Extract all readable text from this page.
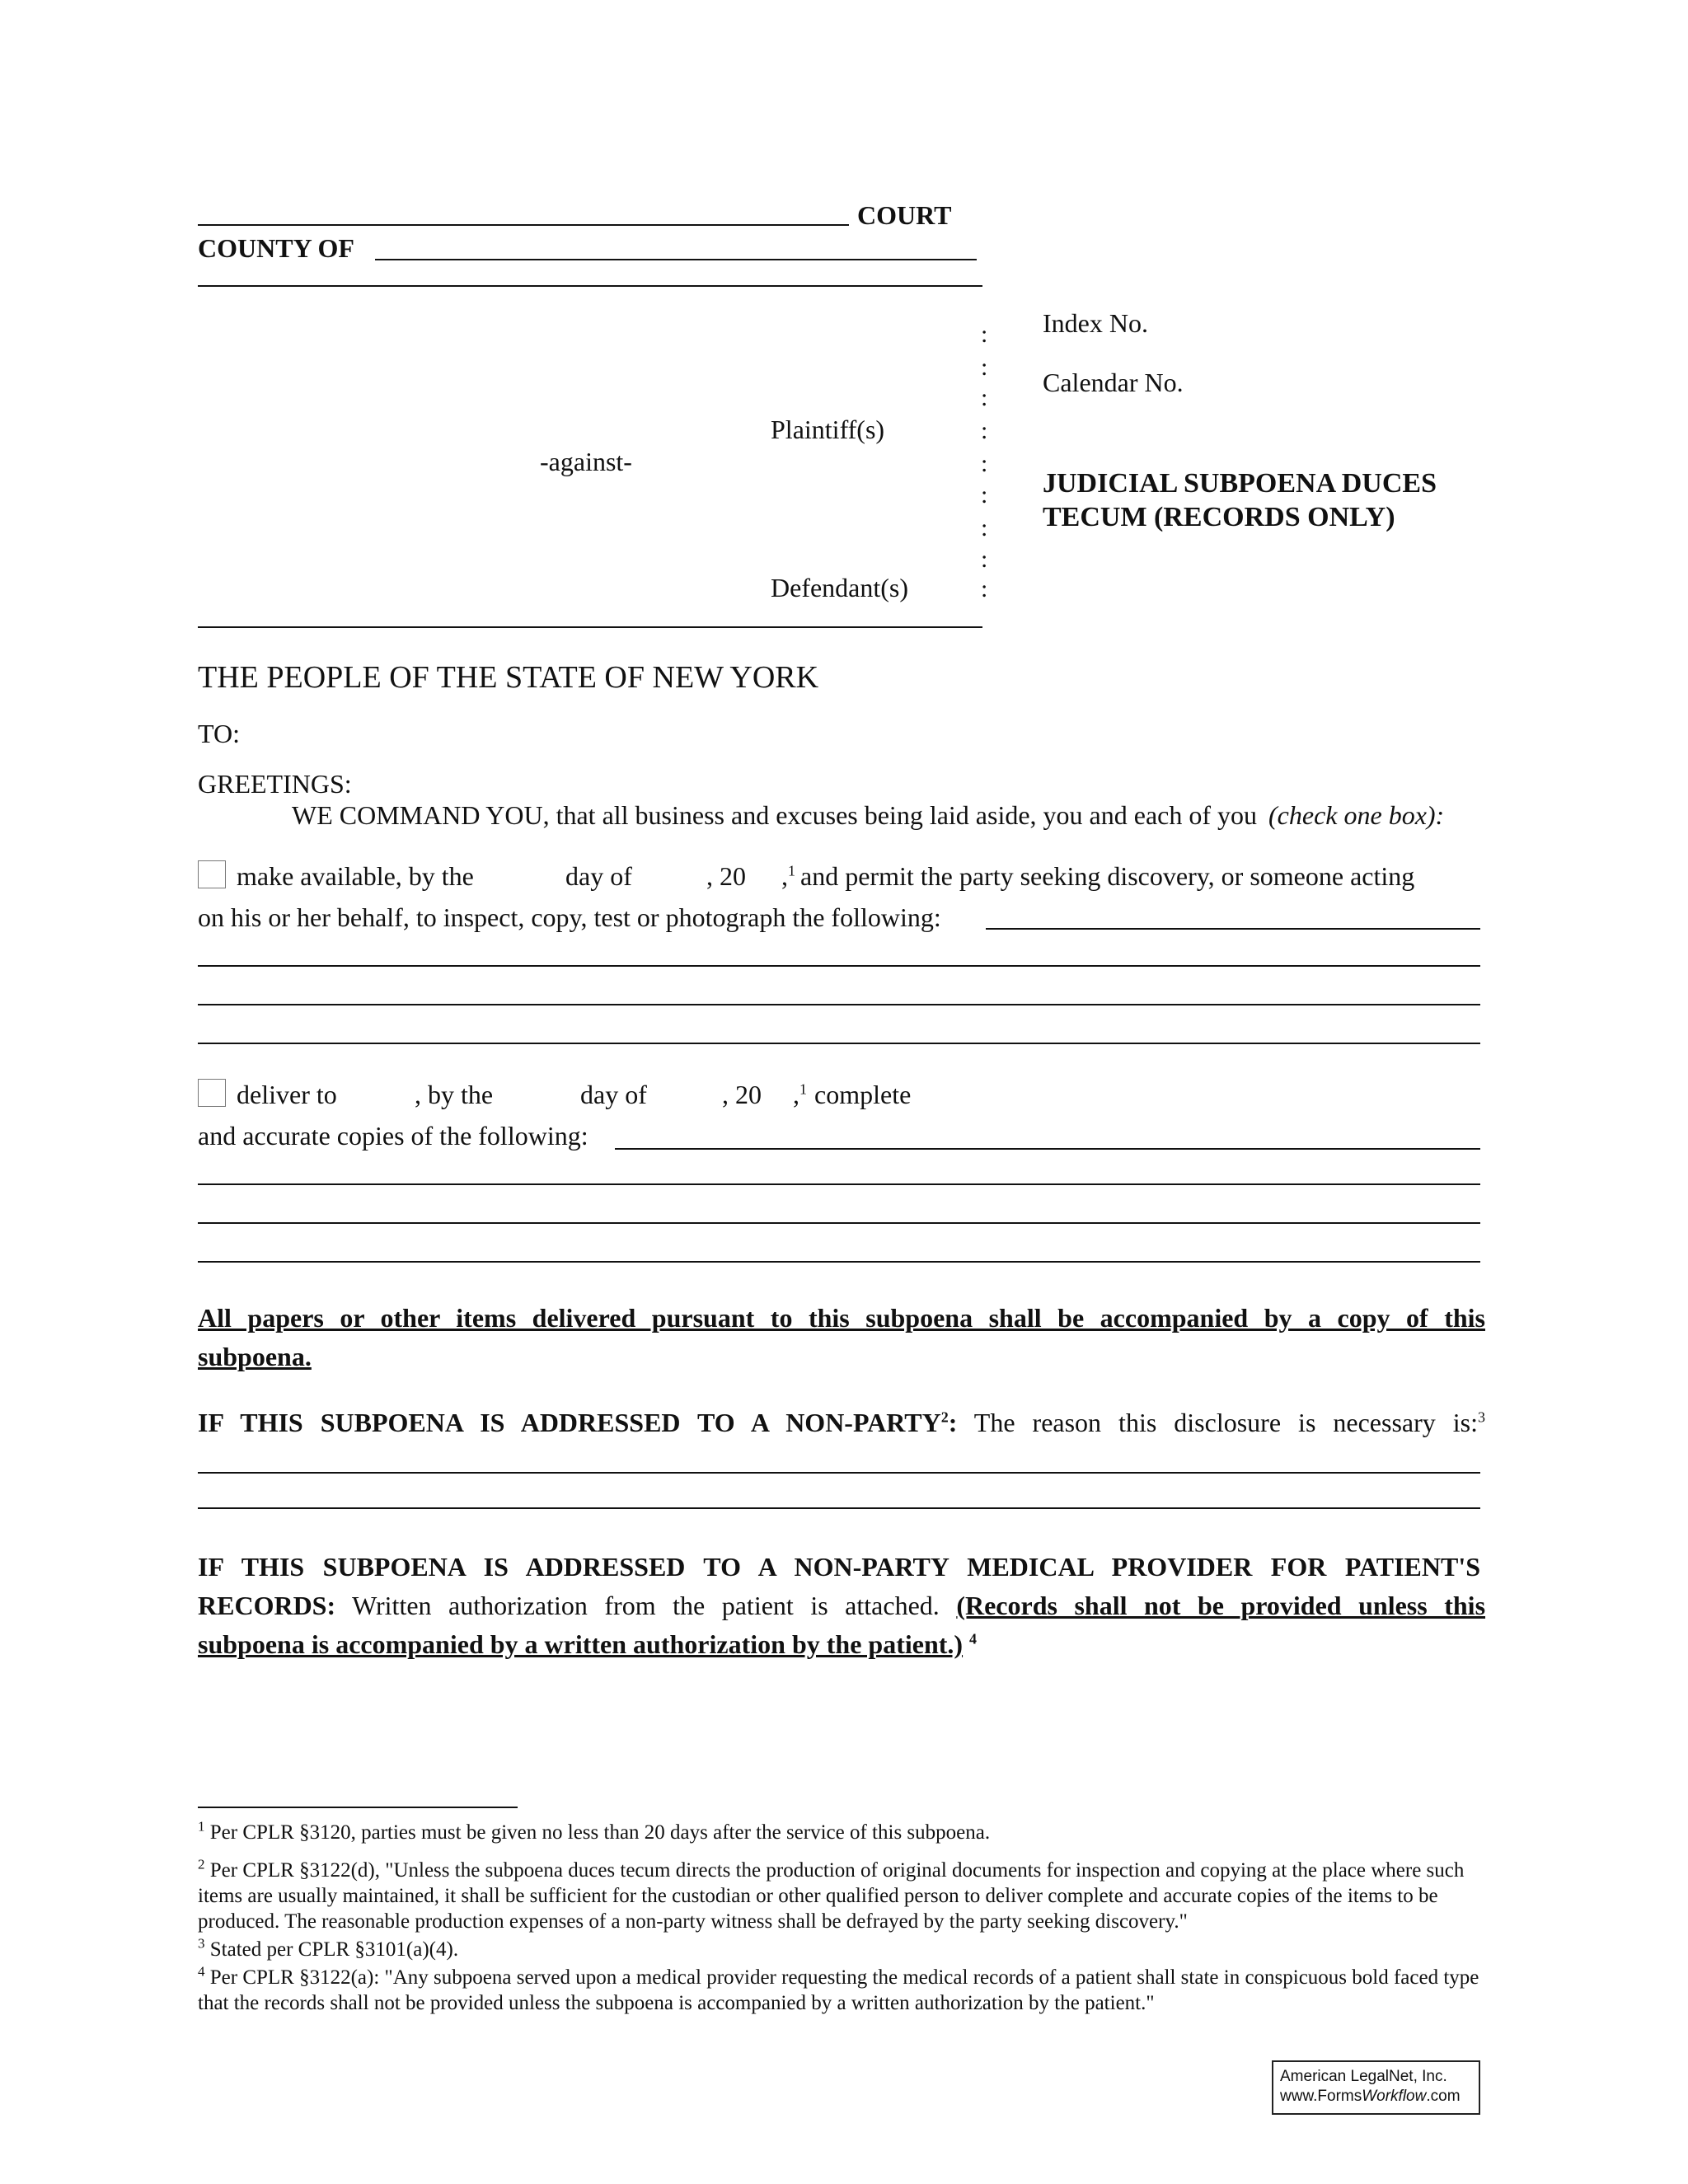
COURT
COUNTY OF
Plaintiff(s)
-against-
Defendant(s)
:
:
:
:
:
:
:
:
:
Index No.
Calendar No.
JUDICIAL SUBPOENA DUCES
TECUM (RECORDS ONLY)
THE PEOPLE OF THE STATE OF NEW YORK
TO:
GREETINGS:
WE COMMAND YOU, that all business and excuses being laid aside, you and each of you (check one box):
make available, by the	day of	, 20 ,$^1$ and permit the party seeking discovery, or someone acting
on his or her behalf, to inspect, copy, test or photograph the following:
deliver to	, by the	day of	, 20 ,$^1$ complete
and accurate copies of the following:
All papers or other items delivered pursuant to this subpoena shall be accompanied by a copy of this
subpoena.
IF THIS SUBPOENA IS ADDRESSED TO A NON-PARTY$^2$: The reason this disclosure is necessary is:$^3$
IF THIS SUBPOENA IS ADDRESSED TO A NON-PARTY MEDICAL PROVIDER FOR PATIENT'S
RECORDS: Written authorization from the patient is attached. (Records shall not be provided unless this
subpoena is accompanied by a written authorization by the patient.) $^4$
$^1$ Per CPLR §3120, parties must be given no less than 20 days after the service of this subpoena.
$^2$ Per CPLR §3122(d), "Unless the subpoena duces tecum directs the production of original documents for inspection and copying at the place where such items are usually maintained, it shall be sufficient for the custodian or other qualified person to deliver complete and accurate copies of the items to be produced. The reasonable production expenses of a non-party witness shall be defrayed by the party seeking discovery."
$^3$ Stated per CPLR §3101(a)(4).
$^4$ Per CPLR §3122(a): "Any subpoena served upon a medical provider requesting the medical records of a patient shall state in conspicuous bold faced type that the records shall not be provided unless the subpoena is accompanied by a written authorization by the patient."
American LegalNet, Inc.
www.FormsWorkflow.com
